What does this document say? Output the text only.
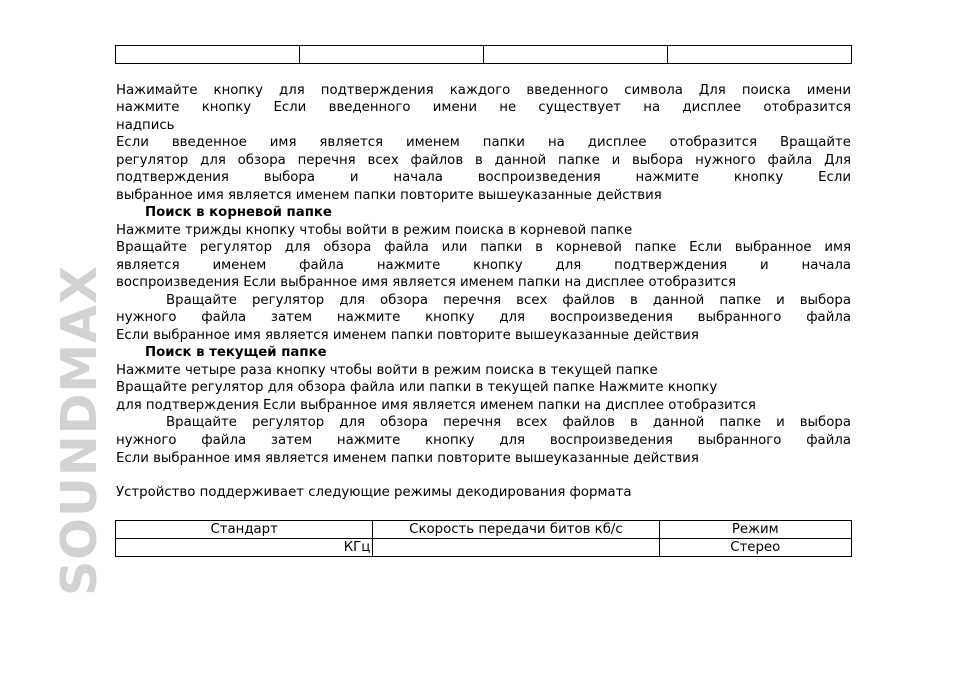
SOUNDMAX

Нажимайте кнопку для подтверждения каждого введенного символа Для поиска имени
нажмите кнопку Если введенного имени не существует на дисплее отобразится
надпись
Если введенное имя является именем папки на дисплее отобразится Вращайте
регулятор для обзора перечня всех файлов в данной папке и выбора нужного файла Для
подтверждения выбора и начала воспроизведения нажмите кнопку Если
выбранное имя является именем папки повторите вышеуказанные действия
Поиск в корневой папке
Нажмите трижды кнопку чтобы войти в режим поиска в корневой папке
Вращайте регулятор для обзора файла или папки в корневой папке Если выбранное имя
является именем файла нажмите кнопку для подтверждения и начала
воспроизведения Если выбранное имя является именем папки на дисплее отобразится
Вращайте регулятор для обзора перечня всех файлов в данной папке и выбора
нужного файла затем нажмите кнопку для воспроизведения выбранного файла
Если выбранное имя является именем папки повторите вышеуказанные действия
Поиск в текущей папке
Нажмите четыре раза кнопку чтобы войти в режим поиска в текущей папке
Вращайте регулятор для обзора файла или папки в текущей папке Нажмите кнопку
для подтверждения Если выбранное имя является именем папки на дисплее отобразится
Вращайте регулятор для обзора перечня всех файлов в данной папке и выбора
нужного файла затем нажмите кнопку для воспроизведения выбранного файла
Если выбранное имя является именем папки повторите вышеуказанные действия
Устройство поддерживает следующие режимы декодирования формата
Стандарт	Скорость передачи битов кб/с	Режим
КГц		Стерео
